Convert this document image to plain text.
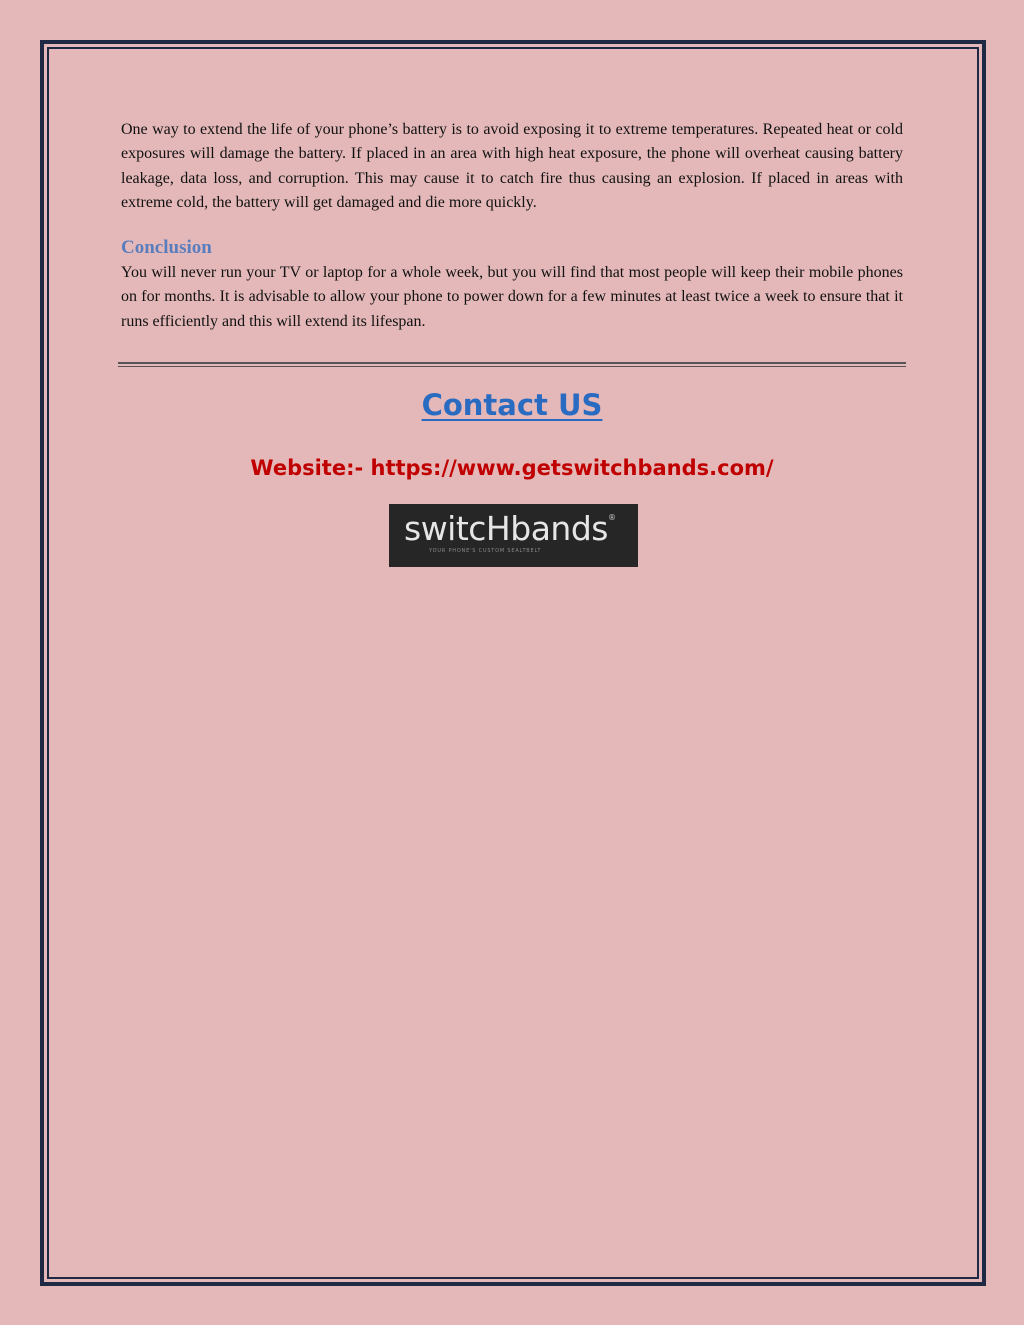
One way to extend the life of your phone’s battery is to avoid exposing it to extreme temperatures. Repeated heat or cold exposures will damage the battery. If placed in an area with high heat exposure, the phone will overheat causing battery leakage, data loss, and corruption. This may cause it to catch fire thus causing an explosion. If placed in areas with extreme cold, the battery will get damaged and die more quickly.

Conclusion

You will never run your TV or laptop for a whole week, but you will find that most people will keep their mobile phones on for months. It is advisable to allow your phone to power down for a few minutes at least twice a week to ensure that it runs efficiently and this will extend its lifespan.

Contact US

Website:- https://www.getswitchbands.com/

switcHbands ®
YOUR PHONE'S CUSTOM SEALTBELT
